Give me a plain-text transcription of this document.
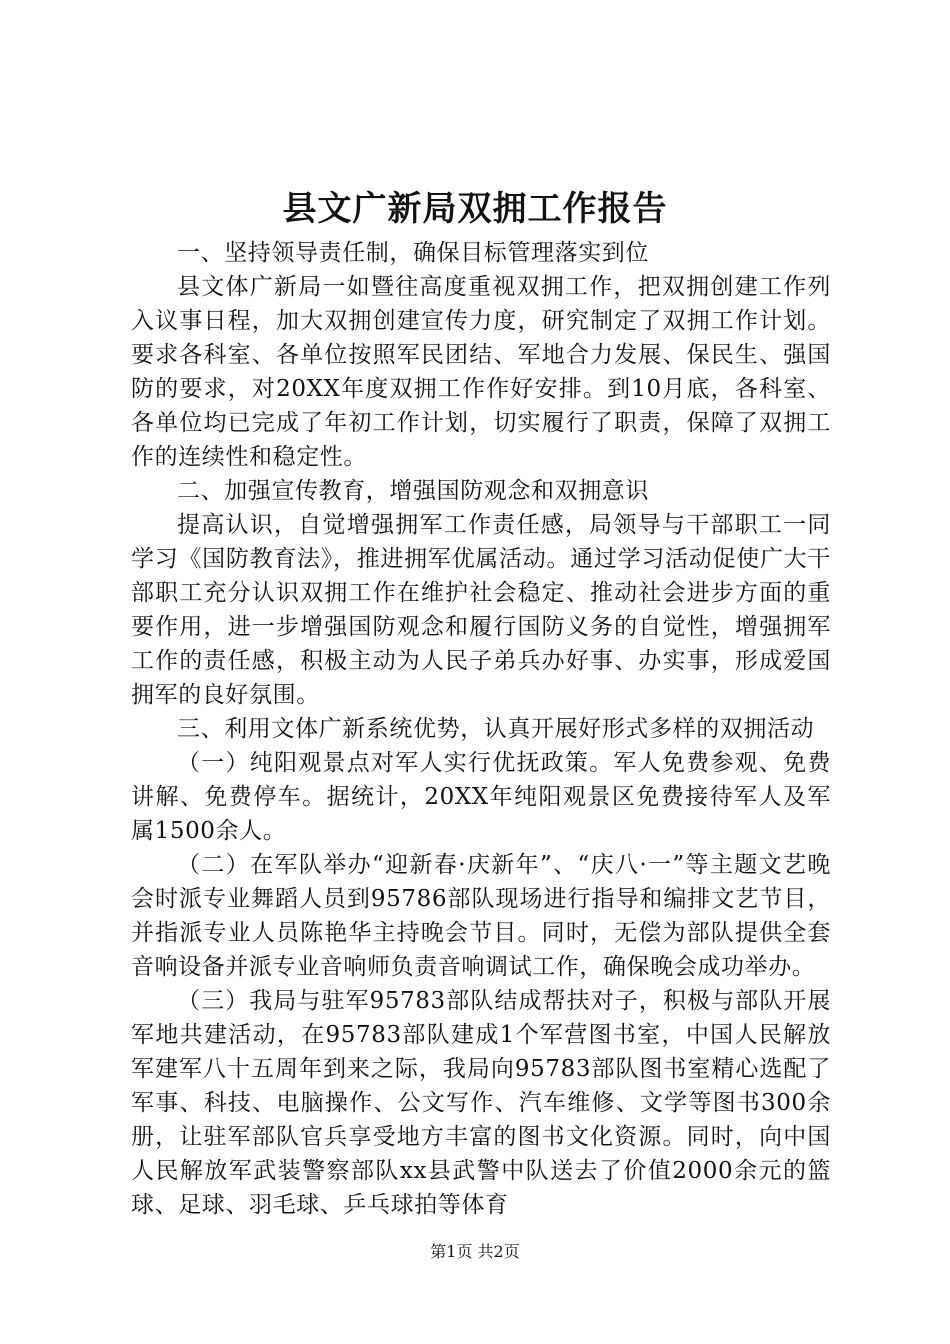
县文广新局双拥工作报告

一、坚持领导责任制，确保目标管理落实到位

县文体广新局一如暨往高度重视双拥工作，把双拥创建工作列入议事日程，加大双拥创建宣传力度，研究制定了双拥工作计划。要求各科室、各单位按照军民团结、军地合力发展、保民生、强国防的要求，对20XX年度双拥工作作好安排。到10月底，各科室、各单位均已完成了年初工作计划，切实履行了职责，保障了双拥工作的连续性和稳定性。

二、加强宣传教育，增强国防观念和双拥意识

提高认识，自觉增强拥军工作责任感，局领导与干部职工一同学习《国防教育法》，推进拥军优属活动。通过学习活动促使广大干部职工充分认识双拥工作在维护社会稳定、推动社会进步方面的重要作用，进一步增强国防观念和履行国防义务的自觉性，增强拥军工作的责任感，积极主动为人民子弟兵办好事、办实事，形成爱国拥军的良好氛围。

三、利用文体广新系统优势，认真开展好形式多样的双拥活动

（一）纯阳观景点对军人实行优抚政策。军人免费参观、免费讲解、免费停车。据统计，20XX年纯阳观景区免费接待军人及军属1500余人。

（二）在军队举办“迎新春·庆新年”、“庆八·一”等主题文艺晚会时派专业舞蹈人员到95786部队现场进行指导和编排文艺节目，并指派专业人员陈艳华主持晚会节目。同时，无偿为部队提供全套音响设备并派专业音响师负责音响调试工作，确保晚会成功举办。

（三）我局与驻军95783部队结成帮扶对子，积极与部队开展军地共建活动，在95783部队建成1个军营图书室，中国人民解放军建军八十五周年到来之际，我局向95783部队图书室精心选配了军事、科技、电脑操作、公文写作、汽车维修、文学等图书300余册，让驻军部队官兵享受地方丰富的图书文化资源。同时，向中国人民解放军武装警察部队xx县武警中队送去了价值2000余元的篮球、足球、羽毛球、乒乓球拍等体育

第1页 共2页
